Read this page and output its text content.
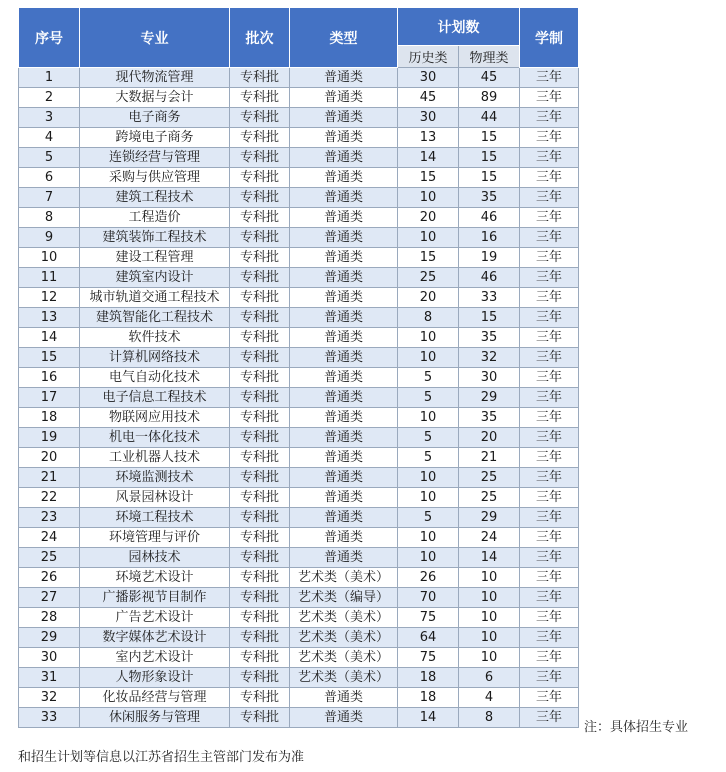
序号	专业	批次	类型	计划数		学制
				历史类	物理类	
1	现代物流管理	专科批	普通类	30	45	三年
2	大数据与会计	专科批	普通类	45	89	三年
3	电子商务	专科批	普通类	30	44	三年
4	跨境电子商务	专科批	普通类	13	15	三年
5	连锁经营与管理	专科批	普通类	14	15	三年
6	采购与供应管理	专科批	普通类	15	15	三年
7	建筑工程技术	专科批	普通类	10	35	三年
8	工程造价	专科批	普通类	20	46	三年
9	建筑装饰工程技术	专科批	普通类	10	16	三年
10	建设工程管理	专科批	普通类	15	19	三年
11	建筑室内设计	专科批	普通类	25	46	三年
12	城市轨道交通工程技术	专科批	普通类	20	33	三年
13	建筑智能化工程技术	专科批	普通类	8	15	三年
14	软件技术	专科批	普通类	10	35	三年
15	计算机网络技术	专科批	普通类	10	32	三年
16	电气自动化技术	专科批	普通类	5	30	三年
17	电子信息工程技术	专科批	普通类	5	29	三年
18	物联网应用技术	专科批	普通类	10	35	三年
19	机电一体化技术	专科批	普通类	5	20	三年
20	工业机器人技术	专科批	普通类	5	21	三年
21	环境监测技术	专科批	普通类	10	25	三年
22	风景园林设计	专科批	普通类	10	25	三年
23	环境工程技术	专科批	普通类	5	29	三年
24	环境管理与评价	专科批	普通类	10	24	三年
25	园林技术	专科批	普通类	10	14	三年
26	环境艺术设计	专科批	艺术类（美术）	26	10	三年
27	广播影视节目制作	专科批	艺术类（编导）	70	10	三年
28	广告艺术设计	专科批	艺术类（美术）	75	10	三年
29	数字媒体艺术设计	专科批	艺术类（美术）	64	10	三年
30	室内艺术设计	专科批	艺术类（美术）	75	10	三年
31	人物形象设计	专科批	艺术类（美术）	18	6	三年
32	化妆品经营与管理	专科批	普通类	18	4	三年
33	休闲服务与管理	专科批	普通类	14	8	三年
注：具体招生专业
和招生计划等信息以江苏省招生主管部门发布为准
